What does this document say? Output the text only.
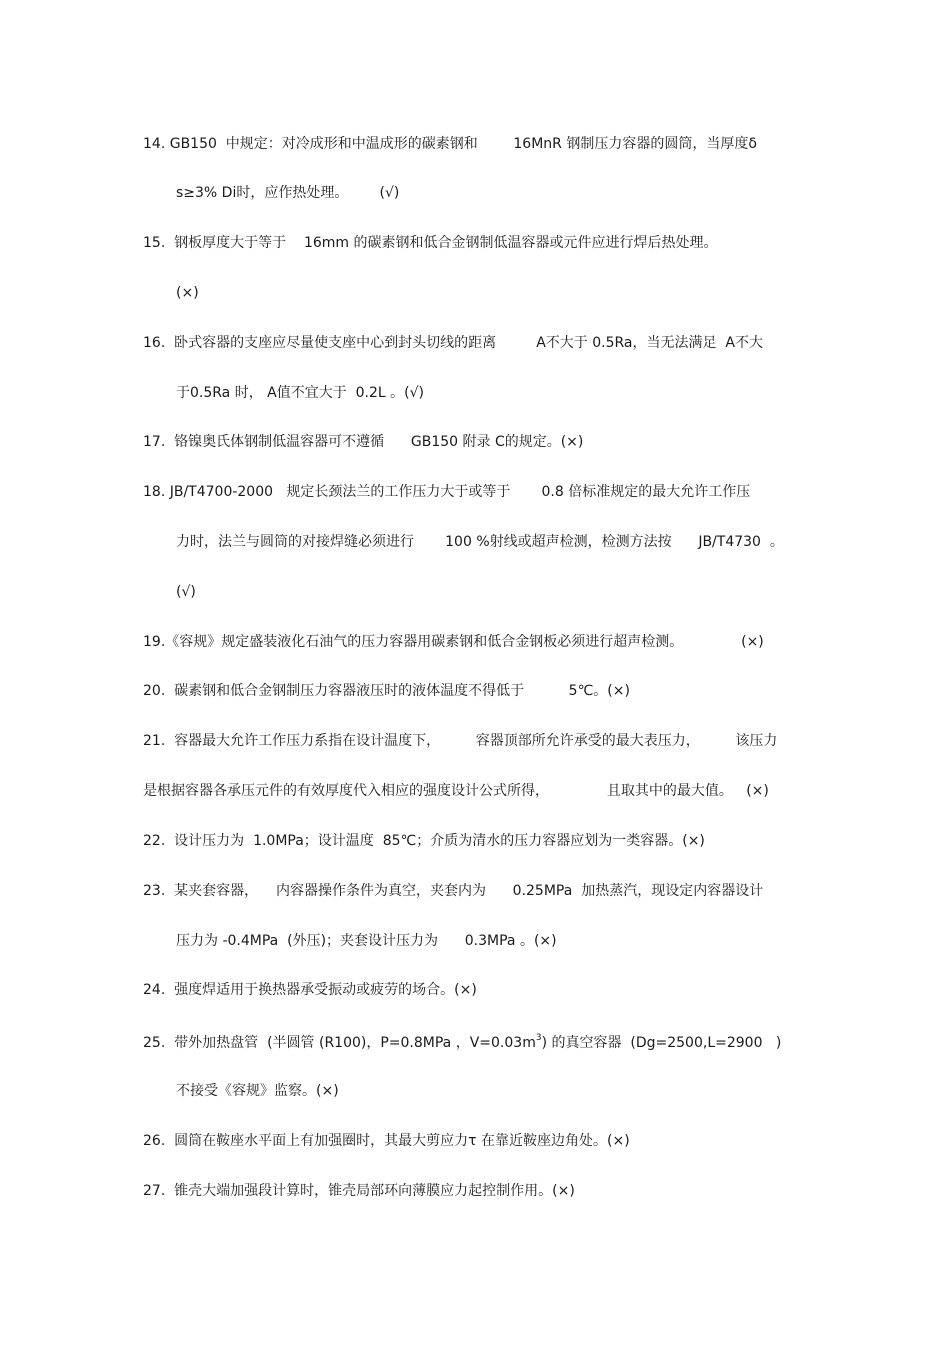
14. GB150  中规定：对冷成形和中温成形的碳素钢和        16MnR 钢制压力容器的圆筒，当厚度δ
s≥3% Di时，应作热处理。       (√)
15.  钢板厚度大于等于    16mm 的碳素钢和低合金钢制低温容器或元件应进行焊后热处理。
(×)
16.  卧式容器的支座应尽量使支座中心到封头切线的距离         A不大于 0.5Ra，当无法满足  A不大
于0.5Ra 时， A值不宜大于  0.2L 。(√)
17.  铬镍奥氏体钢制低温容器可不遵循      GB150 附录 C的规定。(×)
18. JB/T4700-2000   规定长颈法兰的工作压力大于或等于       0.8 倍标准规定的最大允许工作压
力时，法兰与圆筒的对接焊缝必须进行       100 %射线或超声检测，检测方法按      JB/T4730  。
(√)
19.《容规》规定盛装液化石油气的压力容器用碳素钢和低合金钢板必须进行超声检测。             (×)
20.  碳素钢和低合金钢制压力容器液压时的液体温度不得低于          5℃。(×)
21.  容器最大允许工作压力系指在设计温度下，        容器顶部所允许承受的最大表压力，        该压力
是根据容器各承压元件的有效厚度代入相应的强度设计公式所得，             且取其中的最大值。   (×)
22.  设计压力为  1.0MPa；设计温度  85℃；介质为清水的压力容器应划为一类容器。(×)
23.  某夹套容器，    内容器操作条件为真空，夹套内为      0.25MPa  加热蒸汽，现设定内容器设计
压力为 -0.4MPa  (外压)；夹套设计压力为      0.3MPa 。(×)
24.  强度焊适用于换热器承受振动或疲劳的场合。(×)
25.  带外加热盘管  (半圆管 (R100)，P=0.8MPa ，$V=0.03m^3$) 的真空容器  (Dg=2500,L=2900   )
不接受《容规》监察。(×)
26.  圆筒在鞍座水平面上有加强圈时，其最大剪应力τ 在靠近鞍座边角处。(×)
27.  锥壳大端加强段计算时，锥壳局部环向薄膜应力起控制作用。(×)
